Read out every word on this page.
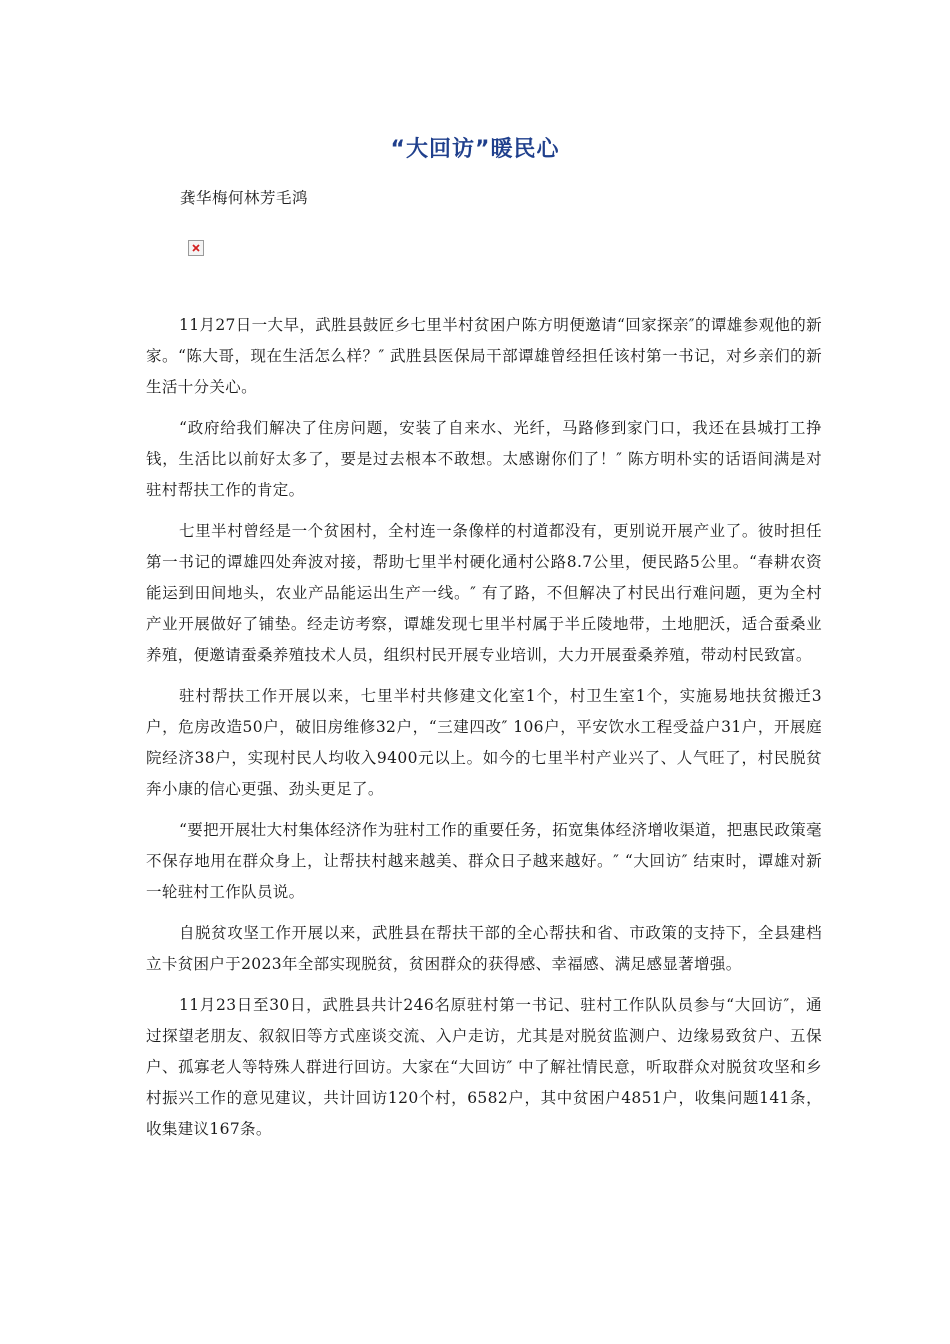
“大回访”暖民心
龚华梅何林芳毛鸿

11月27日一大早，武胜县鼓匠乡七里半村贫困户陈方明便邀请“回家探亲″的谭雄参观他的新家。“陈大哥，现在生活怎么样？″ 武胜县医保局干部谭雄曾经担任该村第一书记，对乡亲们的新生活十分关心。

“政府给我们解决了住房问题，安装了自来水、光纤，马路修到家门口，我还在县城打工挣钱，生活比以前好太多了，要是过去根本不敢想。太感谢你们了！″ 陈方明朴实的话语间满是对驻村帮扶工作的肯定。

七里半村曾经是一个贫困村，全村连一条像样的村道都没有，更别说开展产业了。彼时担任第一书记的谭雄四处奔波对接，帮助七里半村硬化通村公路8.7公里，便民路5公里。“春耕农资能运到田间地头，农业产品能运出生产一线。″ 有了路，不但解决了村民出行难问题，更为全村产业开展做好了铺垫。经走访考察，谭雄发现七里半村属于半丘陵地带，土地肥沃，适合蚕桑业养殖，便邀请蚕桑养殖技术人员，组织村民开展专业培训，大力开展蚕桑养殖，带动村民致富。

驻村帮扶工作开展以来，七里半村共修建文化室1个，村卫生室1个，实施易地扶贫搬迁3户，危房改造50户，破旧房维修32户，“三建四改″ 106户，平安饮水工程受益户31户，开展庭院经济38户，实现村民人均收入9400元以上。如今的七里半村产业兴了、人气旺了，村民脱贫奔小康的信心更强、劲头更足了。

“要把开展壮大村集体经济作为驻村工作的重要任务，拓宽集体经济增收渠道，把惠民政策毫不保存地用在群众身上，让帮扶村越来越美、群众日子越来越好。″ “大回访″ 结束时，谭雄对新一轮驻村工作队员说。

自脱贫攻坚工作开展以来，武胜县在帮扶干部的全心帮扶和省、市政策的支持下，全县建档立卡贫困户于2023年全部实现脱贫，贫困群众的获得感、幸福感、满足感显著增强。

11月23日至30日，武胜县共计246名原驻村第一书记、驻村工作队队员参与“大回访″，通过探望老朋友、叙叙旧等方式座谈交流、入户走访，尤其是对脱贫监测户、边缘易致贫户、五保户、孤寡老人等特殊人群进行回访。大家在“大回访″ 中了解社情民意，听取群众对脱贫攻坚和乡村振兴工作的意见建议，共计回访120个村，6582户，其中贫困户4851户，收集问题141条，收集建议167条。
